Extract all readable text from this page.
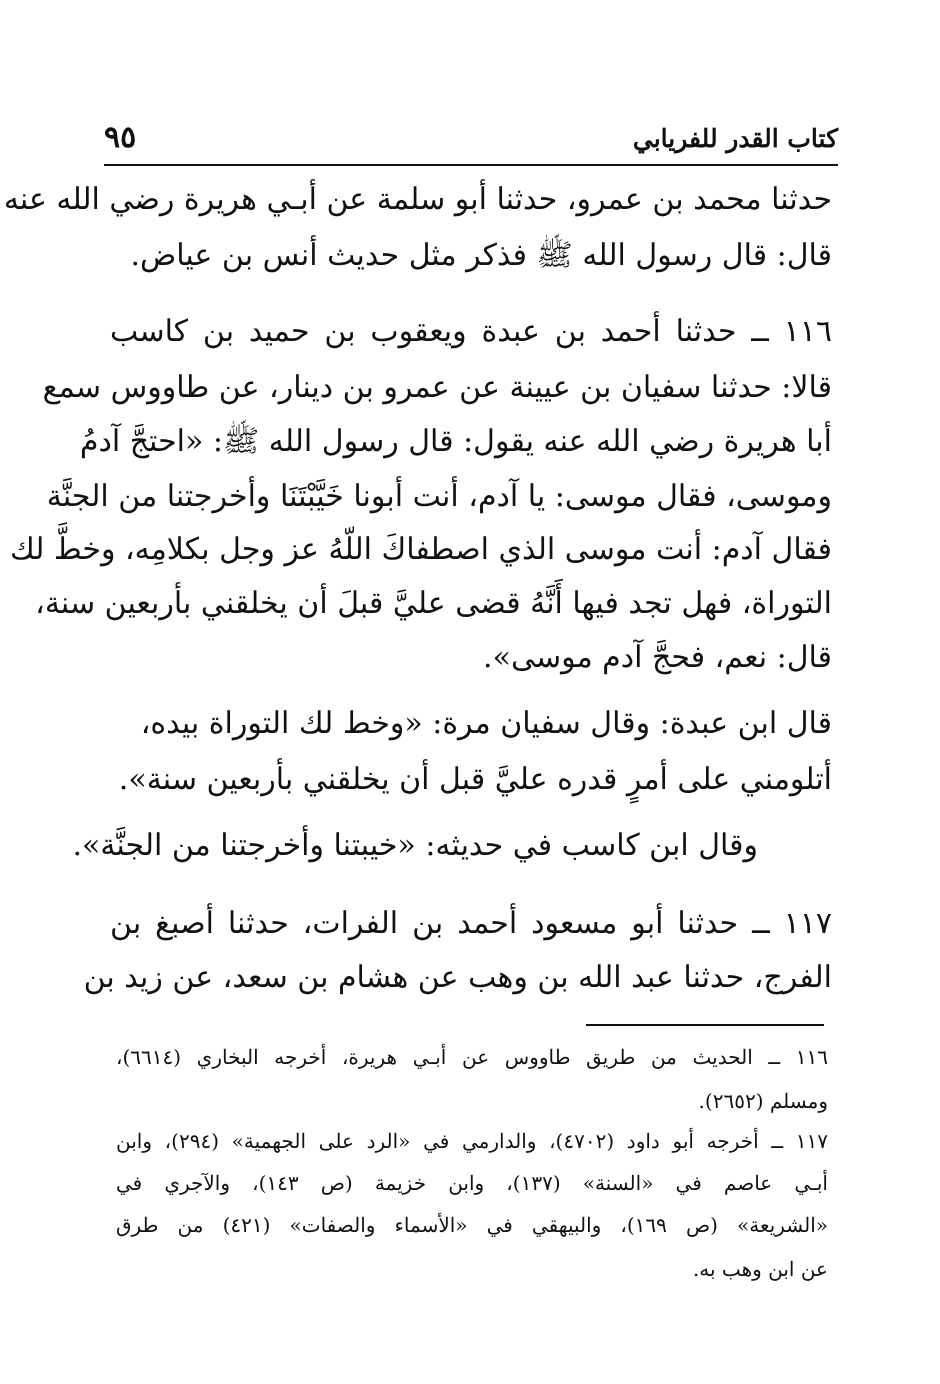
كتاب القدر للفريابي
٩٥
حدثنا محمد بن عمرو، حدثنا أبو سلمة عن أبـي هريرة رضي الله عنه
قال: قال رسول الله ﷺ فذكر مثل حديث أنس بن عياض.
١١٦ ــ حدثنا أحمد بن عبدة ويعقوب بن حميد بن كاسب
قالا: حدثنا سفيان بن عيينة عن عمرو بن دينار، عن طاووس سمع
أبا هريرة رضي الله عنه يقول: قال رسول الله ﷺ: «احتجَّ آدمُ
وموسى، فقال موسى: يا آدم، أنت أبونا خَيَّبْتَنَا وأخرجتنا من الجنَّة
فقال آدم: أنت موسى الذي اصطفاكَ اللّهُ عز وجل بكلامِه، وخطَّ لك
التوراة، فهل تجد فيها أَنَّهُ قضى عليَّ قبلَ أن يخلقني بأربعين سنة،
قال: نعم، فحجَّ آدم موسى».
قال ابن عبدة: وقال سفيان مرة: «وخط لك التوراة بيده،
أتلومني على أمرٍ قدره عليَّ قبل أن يخلقني بأربعين سنة».
وقال ابن كاسب في حديثه: «خيبتنا وأخرجتنا من الجنَّة».
١١٧ ــ حدثنا أبو مسعود أحمد بن الفرات، حدثنا أصبغ بن
الفرج، حدثنا عبد الله بن وهب عن هشام بن سعد، عن زيد بن
١١٦ ــ الحديث من طريق طاووس عن أبـي هريرة، أخرجه البخاري (٦٦١٤)،
ومسلم (٢٦٥٢).
١١٧ ــ أخرجه أبو داود (٤٧٠٢)، والدارمي في «الرد على الجهمية» (٢٩٤)، وابن
أبـي عاصم في «السنة» (١٣٧)، وابن خزيمة (ص ١٤٣)، والآجري في
«الشريعة» (ص ١٦٩)، والبيهقي في «الأسماء والصفات» (٤٢١) من طرق
عن ابن وهب به.
